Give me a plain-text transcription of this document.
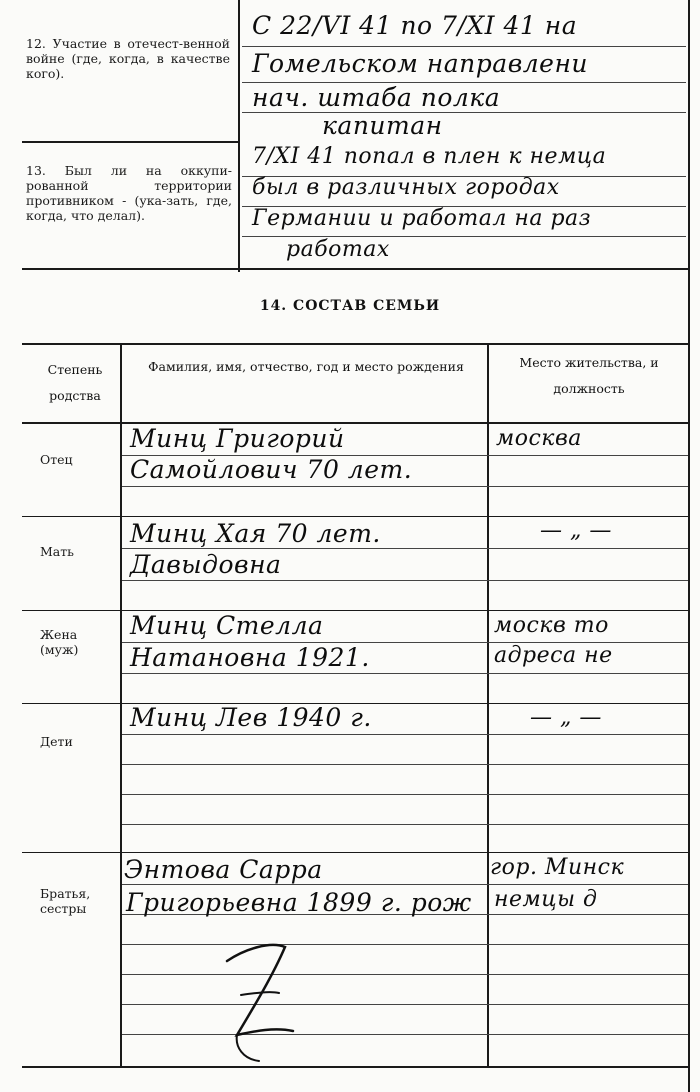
12. Участие в отечест-венной войне (где, когда, в качестве кого).
С 22/VI 41 по 7/XI 41 на
Гомельском направлени
нач. штаба полка
капитан
13. Был ли на оккупи-рованной территории противником - (ука-зать, где, когда, что делал).
7/XI 41 попал в плен к немца
был в различных городах
Германии и работал на раз
работах
14. СОСТАВ СЕМЬИ
Степень родства
Фамилия, имя, отчество, год и место рождения	Место жительства, и должность
Отец
Минц Григорий
Самойлович 70 лет.
москва
Мать
Минц Хая 70 лет.
Давыдовна
— „ —
Жена (муж)
Минц Стелла
Натановна 1921.
москв то
адреса не
Дети
Минц Лев 1940 г.	— „ —
Братья, сестры
Энтова Сарра
Григорьевна 1899 г. рож
гор. Минск
немцы д
